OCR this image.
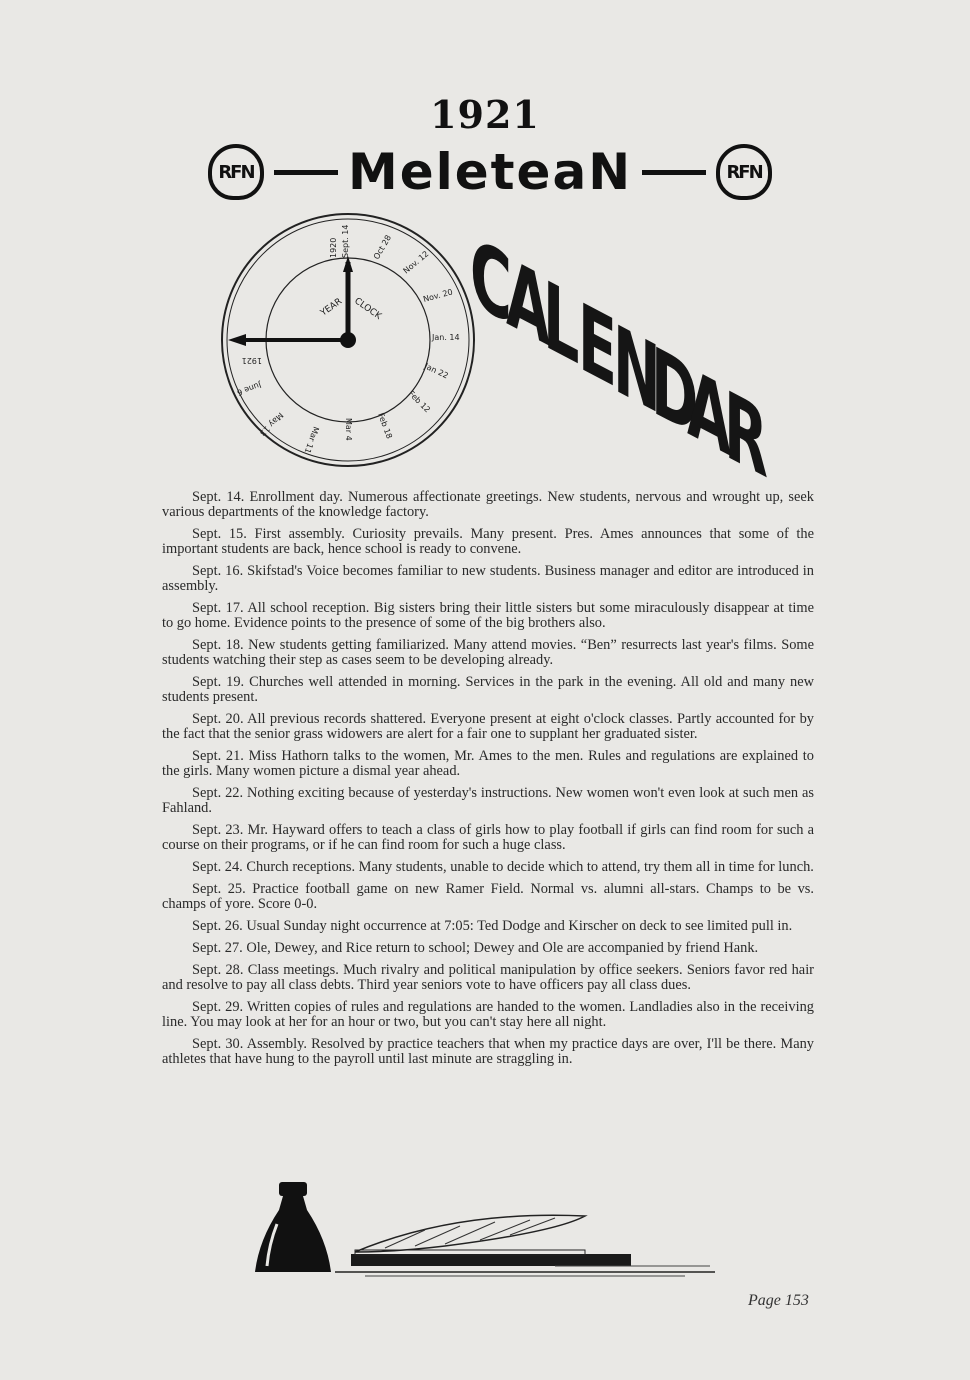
1921
RFN MeleteaN	RFN
YEAR CLOCK
1920 Sept. 14	Oct 28
Nov. 12
Nov. 20
Jan. 14
Jan 22
Feb 12
Feb 18
Mar 4
Mar 11
May 13
June 6
1921
C
A
L
E
N
D
A
R

Sept. 14. Enrollment day. Numerous affectionate greetings. New students, nervous and wrought up, seek various departments of the knowledge factory.

Sept. 15. First assembly. Curiosity prevails. Many present. Pres. Ames announces that some of the important students are back, hence school is ready to convene.

Sept. 16. Skifstad's Voice becomes familiar to new students. Business manager and editor are introduced in assembly.

Sept. 17. All school reception. Big sisters bring their little sisters but some miraculously disappear at time to go home. Evidence points to the presence of some of the big brothers also.

Sept. 18. New students getting familiarized. Many attend movies. “Ben” resurrects last year's films. Some students watching their step as cases seem to be developing already.

Sept. 19. Churches well attended in morning. Services in the park in the evening. All old and many new students present.

Sept. 20. All previous records shattered. Everyone present at eight o'clock classes. Partly accounted for by the fact that the senior grass widowers are alert for a fair one to supplant her graduated sister.

Sept. 21. Miss Hathorn talks to the women, Mr. Ames to the men. Rules and regulations are explained to the girls. Many women picture a dismal year ahead.

Sept. 22. Nothing exciting because of yesterday's instructions. New women won't even look at such men as Fahland.

Sept. 23. Mr. Hayward offers to teach a class of girls how to play football if girls can find room for such a course on their programs, or if he can find room for such a huge class.

Sept. 24. Church receptions. Many students, unable to decide which to attend, try them all in time for lunch.

Sept. 25. Practice football game on new Ramer Field. Normal vs. alumni all-stars. Champs to be vs. champs of yore. Score 0-0.

Sept. 26. Usual Sunday night occurrence at 7:05: Ted Dodge and Kirscher on deck to see limited pull in.

Sept. 27. Ole, Dewey, and Rice return to school; Dewey and Ole are accompanied by friend Hank.

Sept. 28. Class meetings. Much rivalry and political manipulation by office seekers. Seniors favor red hair and resolve to pay all class debts. Third year seniors vote to have officers pay all class dues.

Sept. 29. Written copies of rules and regulations are handed to the women. Landladies also in the receiving line. You may look at her for an hour or two, but you can't stay here all night.

Sept. 30. Assembly. Resolved by practice teachers that when my practice days are over, I'll be there. Many athletes that have hung to the payroll until last minute are straggling in.

Page 153
